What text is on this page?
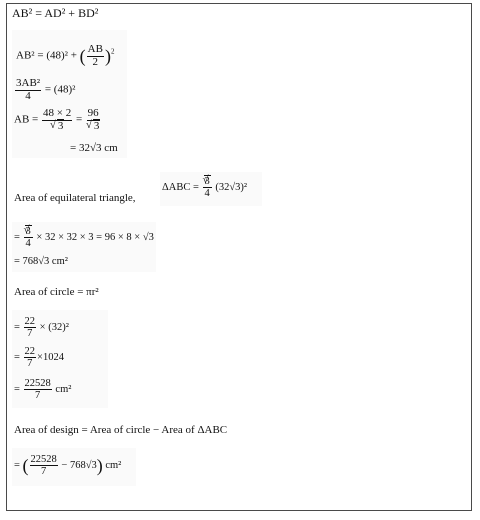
AB² = AD² + BD²
AB² = (48)² + ( $\frac{AB}{2} )^2$
$\frac{\text{3AB²}}{4} = (48)^2$
AB = 48 × 2
√ 3 = 96
√ 3
= 32√3 cm
Area of equilateral triangle,
ΔABC = √ $\frac{3}{4} (32√3)^2$
= √ $\frac{3}{4} \times 32 \times 32 \times 3 = 96 \times 8 \times √3$
= 768√3 cm²
Area of circle = πr²
= $\frac{22}{7} \times (32)^2$
= $\frac{22}{7} \times 1024$
= $\frac{22528}{7} cm^2$
Area of design = Area of circle − Area of ΔABC
= ( $\frac{22528}{7} - 768√3$) cm²
